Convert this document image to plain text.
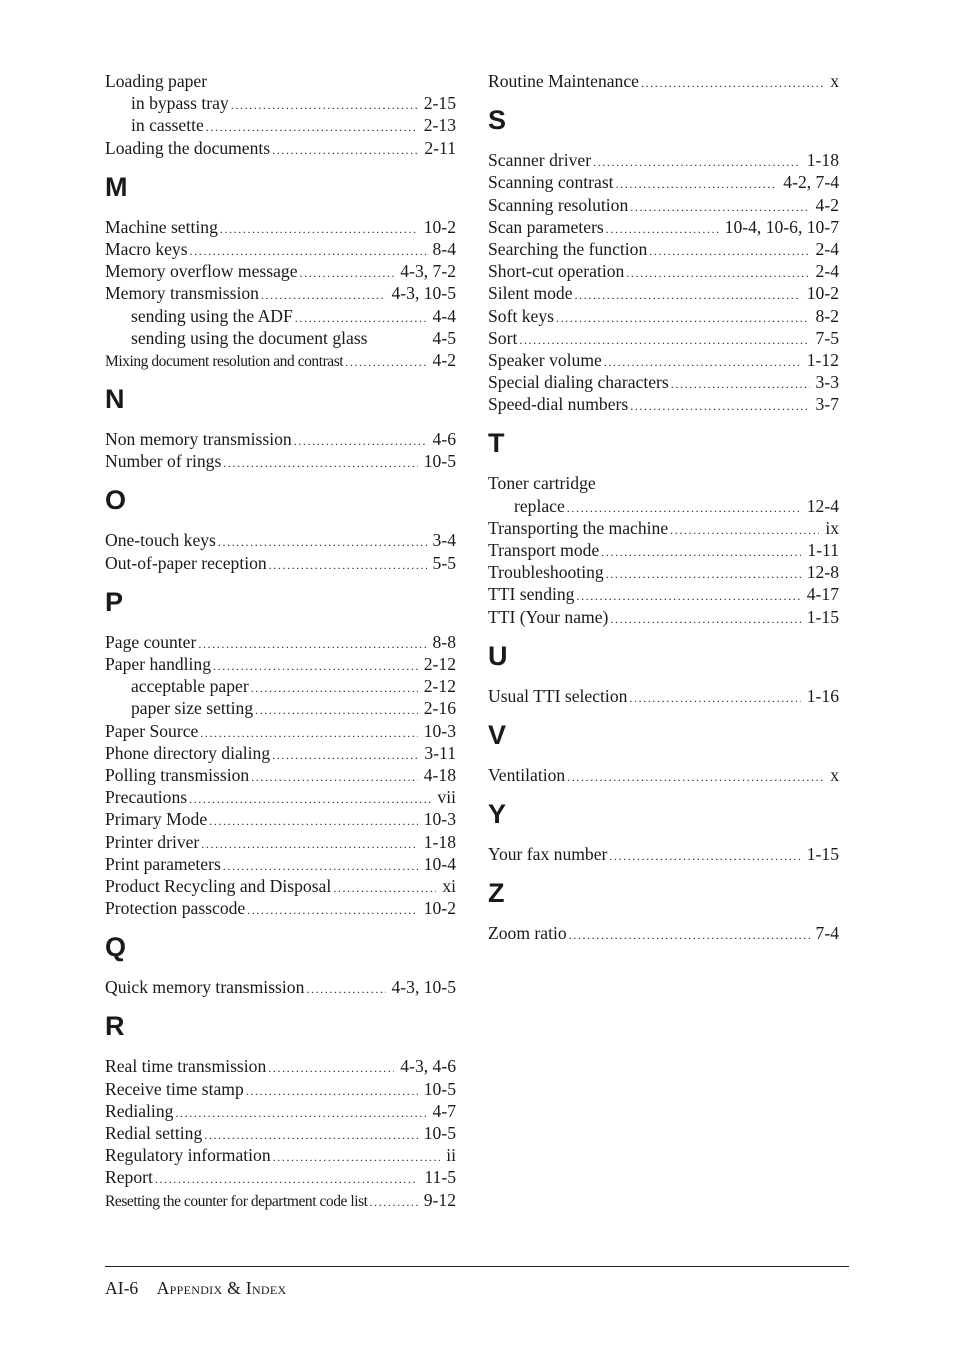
Loading paper
in bypass tray .....	2-15
in cassette .....	2-13
Loading the documents .....	2-11
M
Machine setting .....	10-2
Macro keys .....	8-4
Memory overflow message .....	4-3, 7-2
Memory transmission .....	4-3, 10-5
sending using the ADF .....	4-4
sending using the document glass	4-5
Mixing document resolution and contrast .....	4-2
N
Non memory transmission .....	4-6
Number of rings .....	10-5
O
One-touch keys .....	3-4
Out-of-paper reception .....	5-5
P
Page counter .....	8-8
Paper handling .....	2-12
acceptable paper .....	2-12
paper size setting .....	2-16
Paper Source .....	10-3
Phone directory dialing .....	3-11
Polling transmission .....	4-18
Precautions .....	vii
Primary Mode .....	10-3
Printer driver .....	1-18
Print parameters .....	10-4
Product Recycling and Disposal .....	xi
Protection passcode .....	10-2
Q
Quick memory transmission .....	4-3, 10-5
R
Real time transmission .....	4-3, 4-6
Receive time stamp .....	10-5
Redialing .....	4-7
Redial setting .....	10-5
Regulatory information .....	ii
Report .....	11-5
Resetting the counter for department code list .....	9-12
Routine Maintenance .....	x
S
Scanner driver .....	1-18
Scanning contrast .....	4-2, 7-4
Scanning resolution .....	4-2
Scan parameters .....	10-4, 10-6, 10-7
Searching the function .....	2-4
Short-cut operation .....	2-4
Silent mode .....	10-2
Soft keys .....	8-2
Sort .....	7-5
Speaker volume .....	1-12
Special dialing characters .....	3-3
Speed-dial numbers .....	3-7
T
Toner cartridge
replace .....	12-4
Transporting the machine .....	ix
Transport mode .....	1-11
Troubleshooting .....	12-8
TTI sending .....	4-17
TTI (Your name) .....	1-15
U
Usual TTI selection .....	1-16
V
Ventilation .....	x
Y
Your fax number .....	1-15
Z
Zoom ratio .....	7-4
AI-6 Appendix & Index
